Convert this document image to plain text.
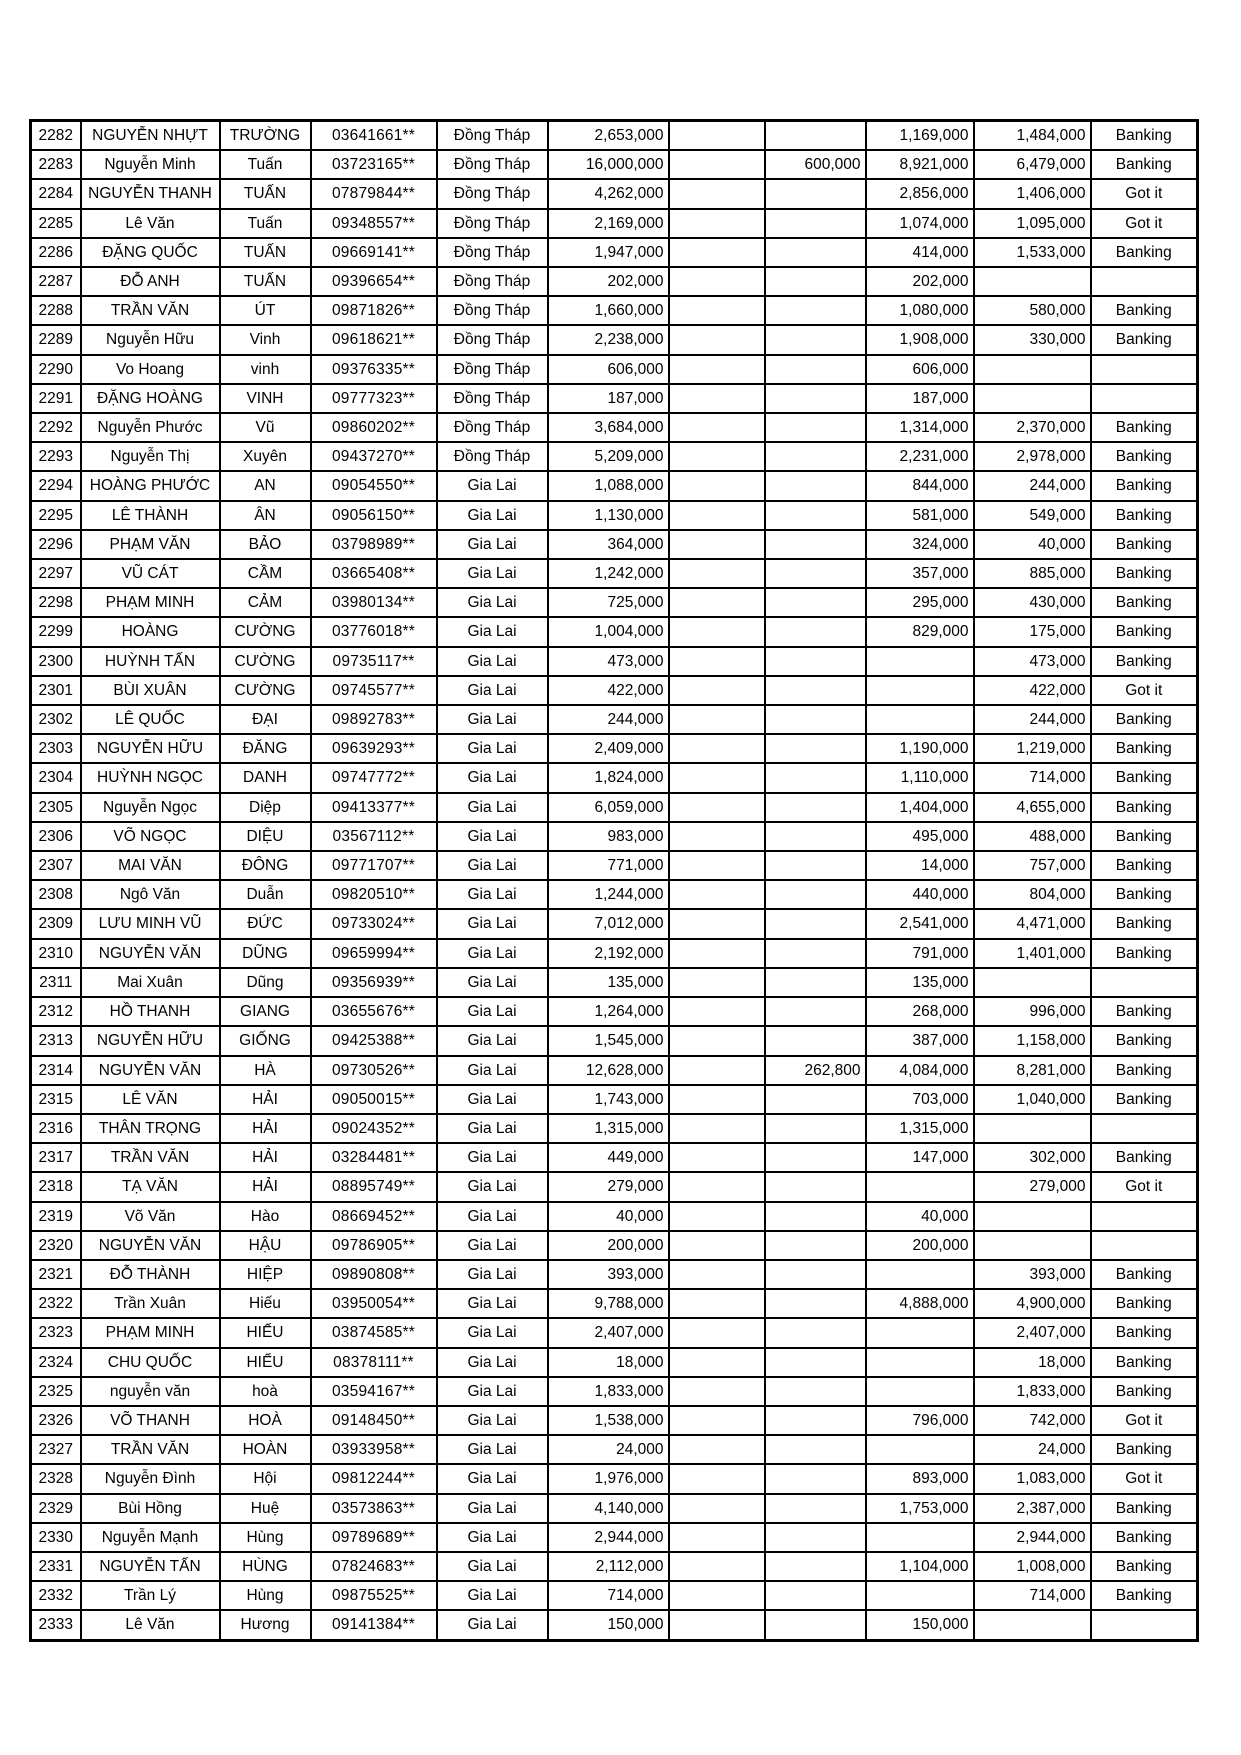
2282	NGUYỄN NHỰT	TRƯỜNG	03641661**	Đồng Tháp	2,653,000			1,169,000	1,484,000	Banking
2283	Nguyễn Minh	Tuấn	03723165**	Đồng Tháp	16,000,000		600,000	8,921,000	6,479,000	Banking
2284	NGUYỄN THANH	TUẤN	07879844**	Đồng Tháp	4,262,000			2,856,000	1,406,000	Got it
2285	Lê Văn	Tuấn	09348557**	Đồng Tháp	2,169,000			1,074,000	1,095,000	Got it
2286	ĐẶNG QUỐC	TUẤN	09669141**	Đồng Tháp	1,947,000			414,000	1,533,000	Banking
2287	ĐỖ ANH	TUẤN	09396654**	Đồng Tháp	202,000			202,000		
2288	TRẦN VĂN	ÚT	09871826**	Đồng Tháp	1,660,000			1,080,000	580,000	Banking
2289	Nguyễn Hữu	Vinh	09618621**	Đồng Tháp	2,238,000			1,908,000	330,000	Banking
2290	Vo Hoang	vinh	09376335**	Đồng Tháp	606,000			606,000		
2291	ĐẶNG HOÀNG	VINH	09777323**	Đồng Tháp	187,000			187,000		
2292	Nguyễn Phước	Vũ	09860202**	Đồng Tháp	3,684,000			1,314,000	2,370,000	Banking
2293	Nguyễn Thị	Xuyên	09437270**	Đồng Tháp	5,209,000			2,231,000	2,978,000	Banking
2294	HOÀNG PHƯỚC	AN	09054550**	Gia Lai	1,088,000			844,000	244,000	Banking
2295	LÊ THÀNH	ÂN	09056150**	Gia Lai	1,130,000			581,000	549,000	Banking
2296	PHẠM VĂN	BẢO	03798989**	Gia Lai	364,000			324,000	40,000	Banking
2297	VŨ CÁT	CẦM	03665408**	Gia Lai	1,242,000			357,000	885,000	Banking
2298	PHẠM MINH	CẢM	03980134**	Gia Lai	725,000			295,000	430,000	Banking
2299	HOÀNG	CƯỜNG	03776018**	Gia Lai	1,004,000			829,000	175,000	Banking
2300	HUỲNH TẤN	CƯỜNG	09735117**	Gia Lai	473,000				473,000	Banking
2301	BÙI XUÂN	CƯỜNG	09745577**	Gia Lai	422,000				422,000	Got it
2302	LÊ QUỐC	ĐẠI	09892783**	Gia Lai	244,000				244,000	Banking
2303	NGUYỄN HỮU	ĐĂNG	09639293**	Gia Lai	2,409,000			1,190,000	1,219,000	Banking
2304	HUỲNH NGỌC	DANH	09747772**	Gia Lai	1,824,000			1,110,000	714,000	Banking
2305	Nguyễn Ngọc	Diệp	09413377**	Gia Lai	6,059,000			1,404,000	4,655,000	Banking
2306	VÕ NGỌC	DIỆU	03567112**	Gia Lai	983,000			495,000	488,000	Banking
2307	MAI VĂN	ĐÔNG	09771707**	Gia Lai	771,000			14,000	757,000	Banking
2308	Ngô Văn	Duẫn	09820510**	Gia Lai	1,244,000			440,000	804,000	Banking
2309	LƯU MINH VŨ	ĐỨC	09733024**	Gia Lai	7,012,000			2,541,000	4,471,000	Banking
2310	NGUYỄN VĂN	DŨNG	09659994**	Gia Lai	2,192,000			791,000	1,401,000	Banking
2311	Mai Xuân	Dũng	09356939**	Gia Lai	135,000			135,000		
2312	HỒ THANH	GIANG	03655676**	Gia Lai	1,264,000			268,000	996,000	Banking
2313	NGUYỄN HỮU	GIỐNG	09425388**	Gia Lai	1,545,000			387,000	1,158,000	Banking
2314	NGUYỄN VĂN	HÀ	09730526**	Gia Lai	12,628,000		262,800	4,084,000	8,281,000	Banking
2315	LÊ VĂN	HẢI	09050015**	Gia Lai	1,743,000			703,000	1,040,000	Banking
2316	THÂN TRỌNG	HẢI	09024352**	Gia Lai	1,315,000			1,315,000		
2317	TRẦN VĂN	HẢI	03284481**	Gia Lai	449,000			147,000	302,000	Banking
2318	TẠ VĂN	HẢI	08895749**	Gia Lai	279,000				279,000	Got it
2319	Võ Văn	Hào	08669452**	Gia Lai	40,000			40,000		
2320	NGUYỄN VĂN	HẬU	09786905**	Gia Lai	200,000			200,000		
2321	ĐỖ THÀNH	HIỆP	09890808**	Gia Lai	393,000				393,000	Banking
2322	Trần Xuân	Hiếu	03950054**	Gia Lai	9,788,000			4,888,000	4,900,000	Banking
2323	PHẠM MINH	HIẾU	03874585**	Gia Lai	2,407,000				2,407,000	Banking
2324	CHU QUỐC	HIỂU	08378111**	Gia Lai	18,000				18,000	Banking
2325	nguyễn văn	hoà	03594167**	Gia Lai	1,833,000				1,833,000	Banking
2326	VÕ THANH	HOÀ	09148450**	Gia Lai	1,538,000			796,000	742,000	Got it
2327	TRẦN VĂN	HOÀN	03933958**	Gia Lai	24,000				24,000	Banking
2328	Nguyễn Đình	Hội	09812244**	Gia Lai	1,976,000			893,000	1,083,000	Got it
2329	Bùi Hồng	Huệ	03573863**	Gia Lai	4,140,000			1,753,000	2,387,000	Banking
2330	Nguyễn Mạnh	Hùng	09789689**	Gia Lai	2,944,000				2,944,000	Banking
2331	NGUYỄN TẤN	HÙNG	07824683**	Gia Lai	2,112,000			1,104,000	1,008,000	Banking
2332	Trần Lý	Hùng	09875525**	Gia Lai	714,000				714,000	Banking
2333	Lê Văn	Hương	09141384**	Gia Lai	150,000			150,000		
